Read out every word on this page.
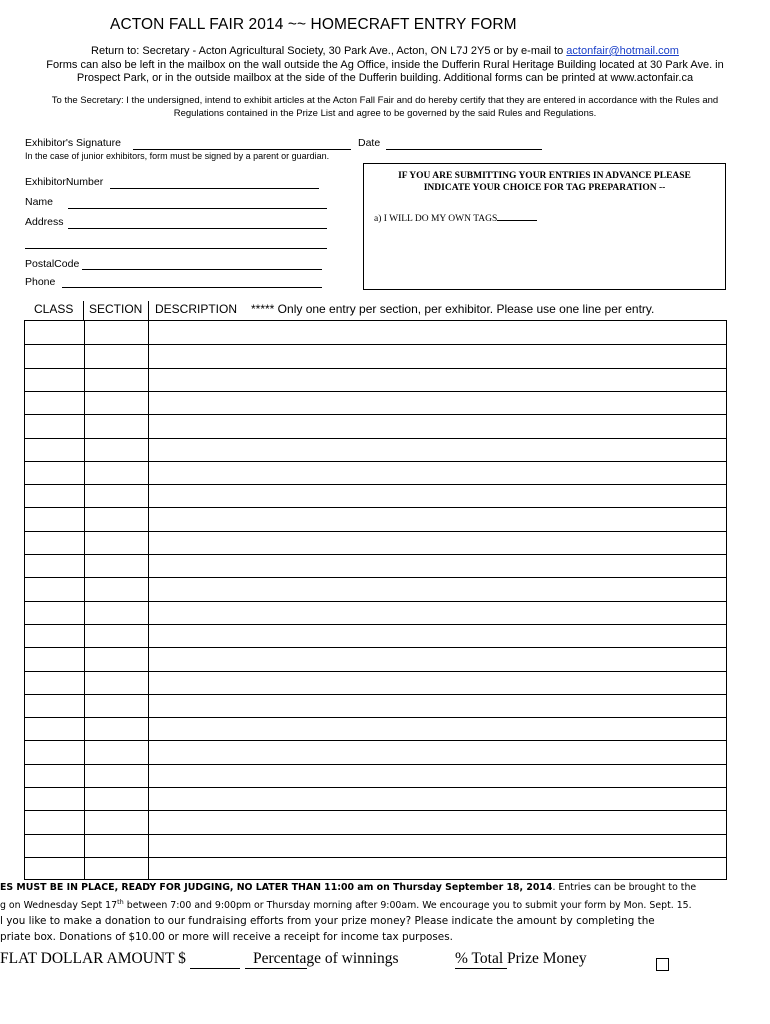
ACTON FALL FAIR 2014 ~~ HOMECRAFT ENTRY FORM
Return to: Secretary - Acton Agricultural Society, 30 Park Ave., Acton, ON L7J 2Y5 or by e-mail to actonfair@hotmail.com
Forms can also be left in the mailbox on the wall outside the Ag Office, inside the Dufferin Rural Heritage Building located at 30 Park Ave. in
Prospect Park, or in the outside mailbox at the side of the Dufferin building. Additional forms can be printed at www.actonfair.ca
To the Secretary: I the undersigned, intend to exhibit articles at the Acton Fall Fair and do hereby certify that they are entered in accordance with the Rules and
Regulations contained in the Prize List and agree to be governed by the said Rules and Regulations.
Exhibitor's Signature	Date
In the case of junior exhibitors, form must be signed by a parent or guardian.
ExhibitorNumber
Name
Address
PostalCode
Phone
IF YOU ARE SUBMITTING YOUR ENTRIES IN ADVANCE PLEASE
INDICATE YOUR CHOICE FOR TAG PREPARATION --
a) I WILL DO MY OWN TAGS
CLASS SECTION DESCRIPTION ***** Only one entry per section, per exhibitor. Please use one line per entry.
ES MUST BE IN PLACE, READY FOR JUDGING, NO LATER THAN 11:00 am on Thursday September 18, 2014. Entries can be brought to the
g on Wednesday Sept 17th between 7:00 and 9:00pm or Thursday morning after 9:00am. We encourage you to submit your form by Mon. Sept. 15.
l you like to make a donation to our fundraising efforts from your prize money? Please indicate the amount by completing the
priate box. Donations of $10.00 or more will receive a receipt for income tax purposes.
FLAT DOLLAR AMOUNT $	Percentage of winnings	% Total Prize Money
